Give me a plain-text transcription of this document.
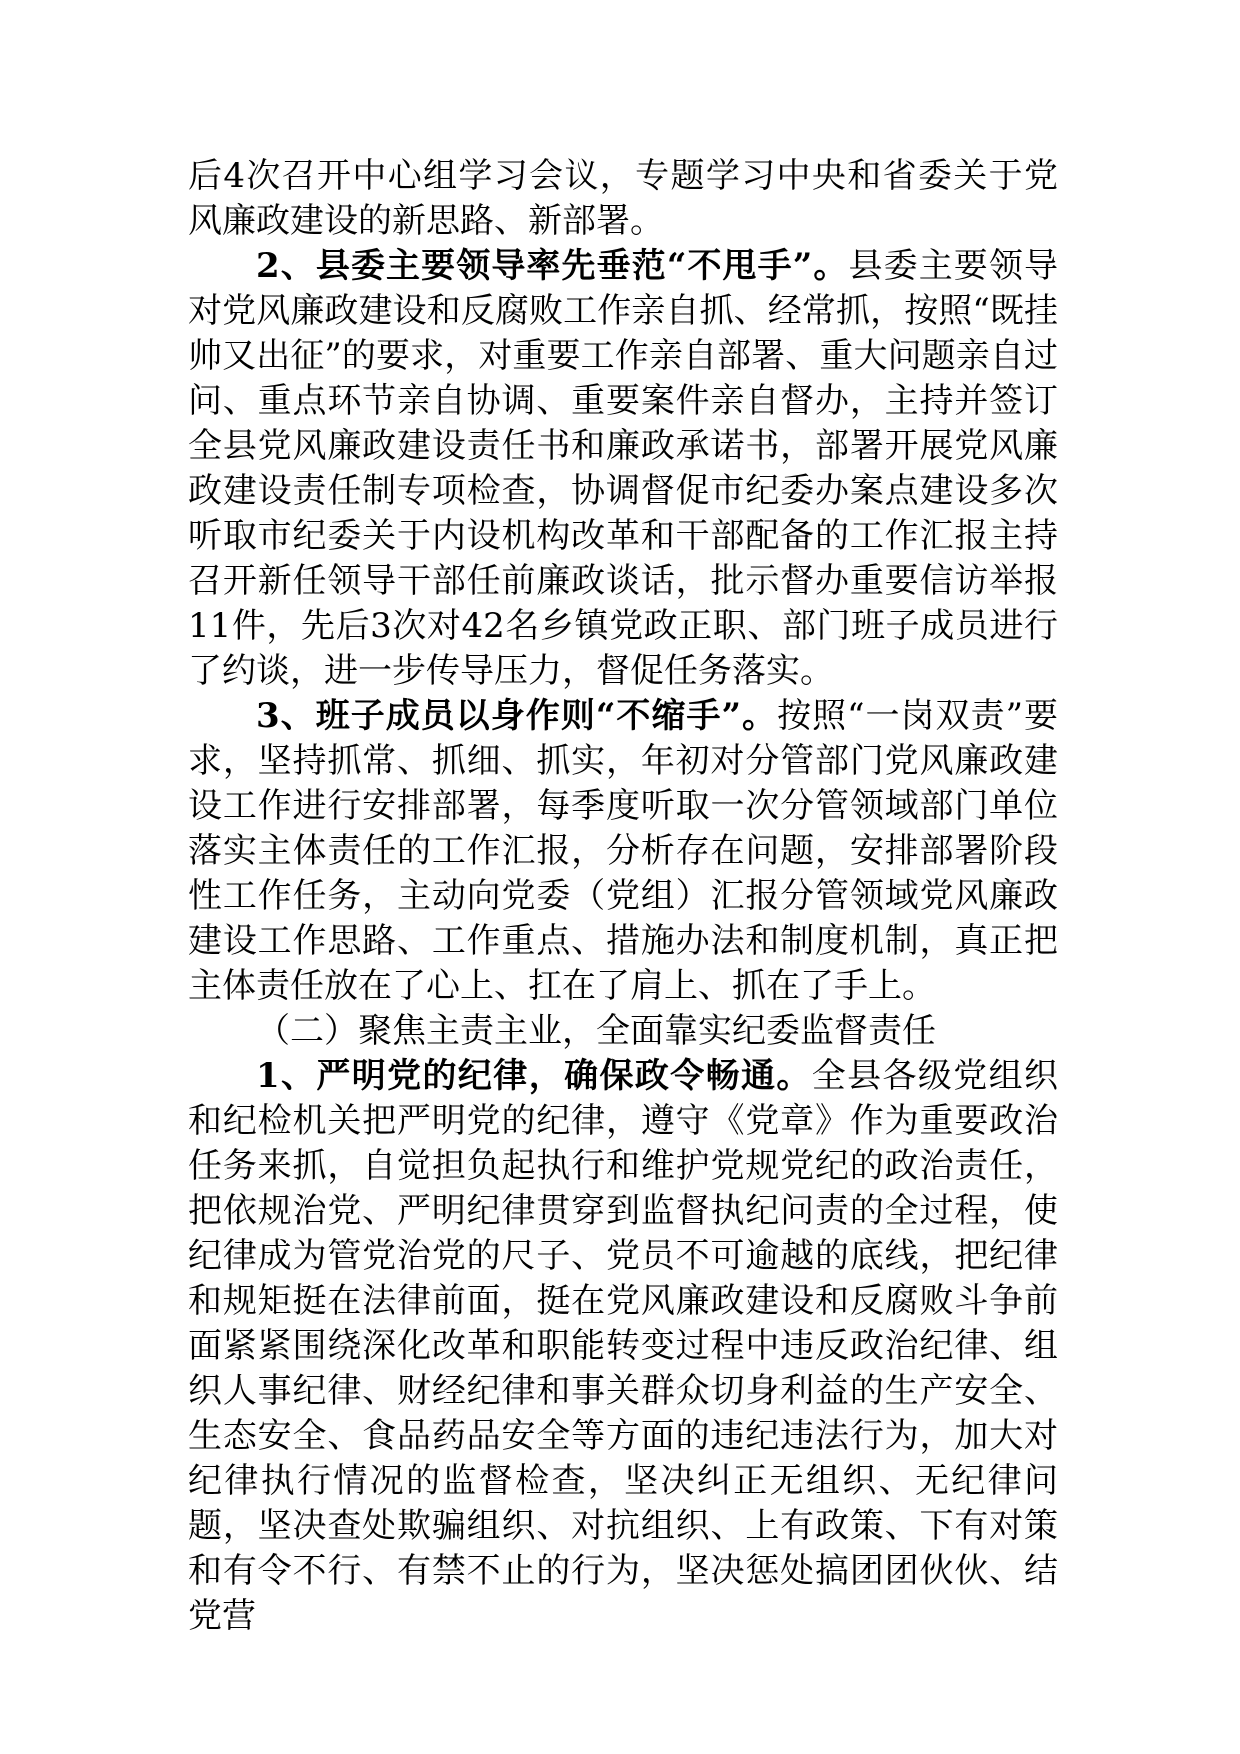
后4次召开中心组学习会议，专题学习中央和省委关于党风廉政建设的新思路、新部署。

2、县委主要领导率先垂范“不甩手”。县委主要领导对党风廉政建设和反腐败工作亲自抓、经常抓，按照“既挂帅又出征”的要求，对重要工作亲自部署、重大问题亲自过问、重点环节亲自协调、重要案件亲自督办，主持并签订全县党风廉政建设责任书和廉政承诺书，部署开展党风廉政建设责任制专项检查，协调督促市纪委办案点建设多次听取市纪委关于内设机构改革和干部配备的工作汇报主持召开新任领导干部任前廉政谈话，批示督办重要信访举报11件，先后3次对42名乡镇党政正职、部门班子成员进行了约谈，进一步传导压力，督促任务落实。

3、班子成员以身作则“不缩手”。按照“一岗双责”要求，坚持抓常、抓细、抓实，年初对分管部门党风廉政建设工作进行安排部署，每季度听取一次分管领域部门单位落实主体责任的工作汇报，分析存在问题，安排部署阶段性工作任务，主动向党委（党组）汇报分管领域党风廉政建设工作思路、工作重点、措施办法和制度机制，真正把主体责任放在了心上、扛在了肩上、抓在了手上。

（二）聚焦主责主业，全面靠实纪委监督责任

1、严明党的纪律，确保政令畅通。全县各级党组织和纪检机关把严明党的纪律，遵守《党章》作为重要政治任务来抓，自觉担负起执行和维护党规党纪的政治责任，把依规治党、严明纪律贯穿到监督执纪问责的全过程，使纪律成为管党治党的尺子、党员不可逾越的底线，把纪律和规矩挺在法律前面，挺在党风廉政建设和反腐败斗争前面紧紧围绕深化改革和职能转变过程中违反政治纪律、组织人事纪律、财经纪律和事关群众切身利益的生产安全、生态安全、食品药品安全等方面的违纪违法行为，加大对纪律执行情况的监督检查，坚决纠正无组织、无纪律问题，坚决查处欺骗组织、对抗组织、上有政策、下有对策和有令不行、有禁不止的行为，坚决惩处搞团团伙伙、结党营
